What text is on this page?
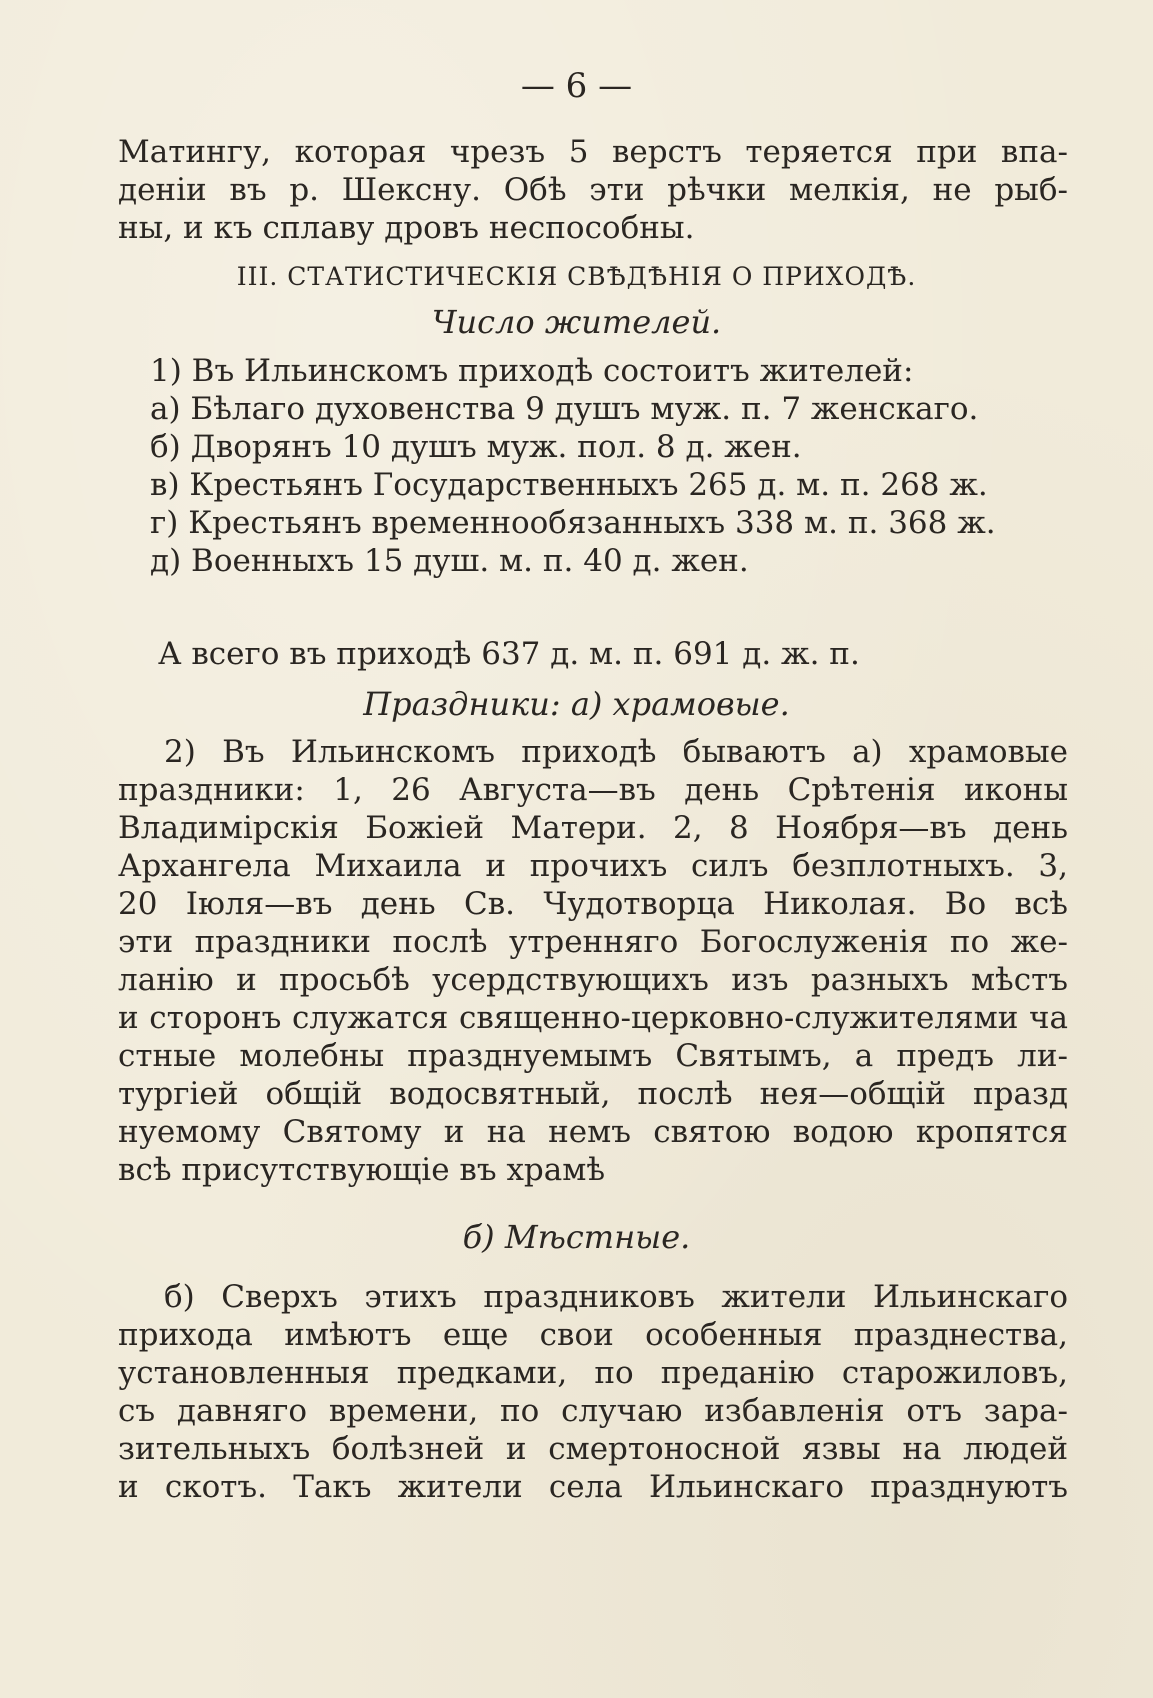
— 6 —
Матингу, которая чрезъ 5 верстъ теряется при впа-
деніи въ р. Шексну. Обѣ эти рѣчки мелкія, не рыб-
ны, и къ сплаву дровъ неспособны.
III. СТАТИСТИЧЕСКІЯ СВѢДѢНІЯ О ПРИХОДѢ.
Число жителей.
1) Въ Ильинскомъ приходѣ состоитъ жителей:
а) Бѣлаго духовенства 9 душъ муж. п. 7 женскаго.
б) Дворянъ 10 душъ муж. пол. 8 д. жен.
в) Крестьянъ Государственныхъ 265 д. м. п. 268 ж.
г) Крестьянъ временнообязанныхъ 338 м. п. 368 ж.
д) Военныхъ 15 душ. м. п. 40 д. жен.
А всего въ приходѣ 637 д. м. п. 691 д. ж. п.
Праздники: а) храмовые.
2) Въ Ильинскомъ приходѣ бываютъ а) храмовые
праздники: 1, 26 Августа—въ день Срѣтенія иконы
Владимірскія Божіей Матери. 2, 8 Ноября—въ день
Архангела Михаила и прочихъ силъ безплотныхъ. 3,
20 Іюля—въ день Св. Чудотворца Николая. Во всѣ
эти праздники послѣ утренняго Богослуженія по же-
ланію и просьбѣ усердствующихъ изъ разныхъ мѣстъ
и сторонъ служатся священно-церковно-служителями ча
стные молебны празднуемымъ Святымъ, а предъ ли-
тургіей общій водосвятный, послѣ нея—общій празд
нуемому Святому и на немъ святою водою кропятся
всѣ присутствующіе въ храмѣ
б) Мѣстные.
б) Сверхъ этихъ праздниковъ жители Ильинскаго
прихода имѣютъ еще свои особенныя празднества,
установленныя предками, по преданію старожиловъ,
съ давняго времени, по случаю избавленія отъ зара-
зительныхъ болѣзней и смертоносной язвы на людей
и скотъ. Такъ жители села Ильинскаго празднуютъ
